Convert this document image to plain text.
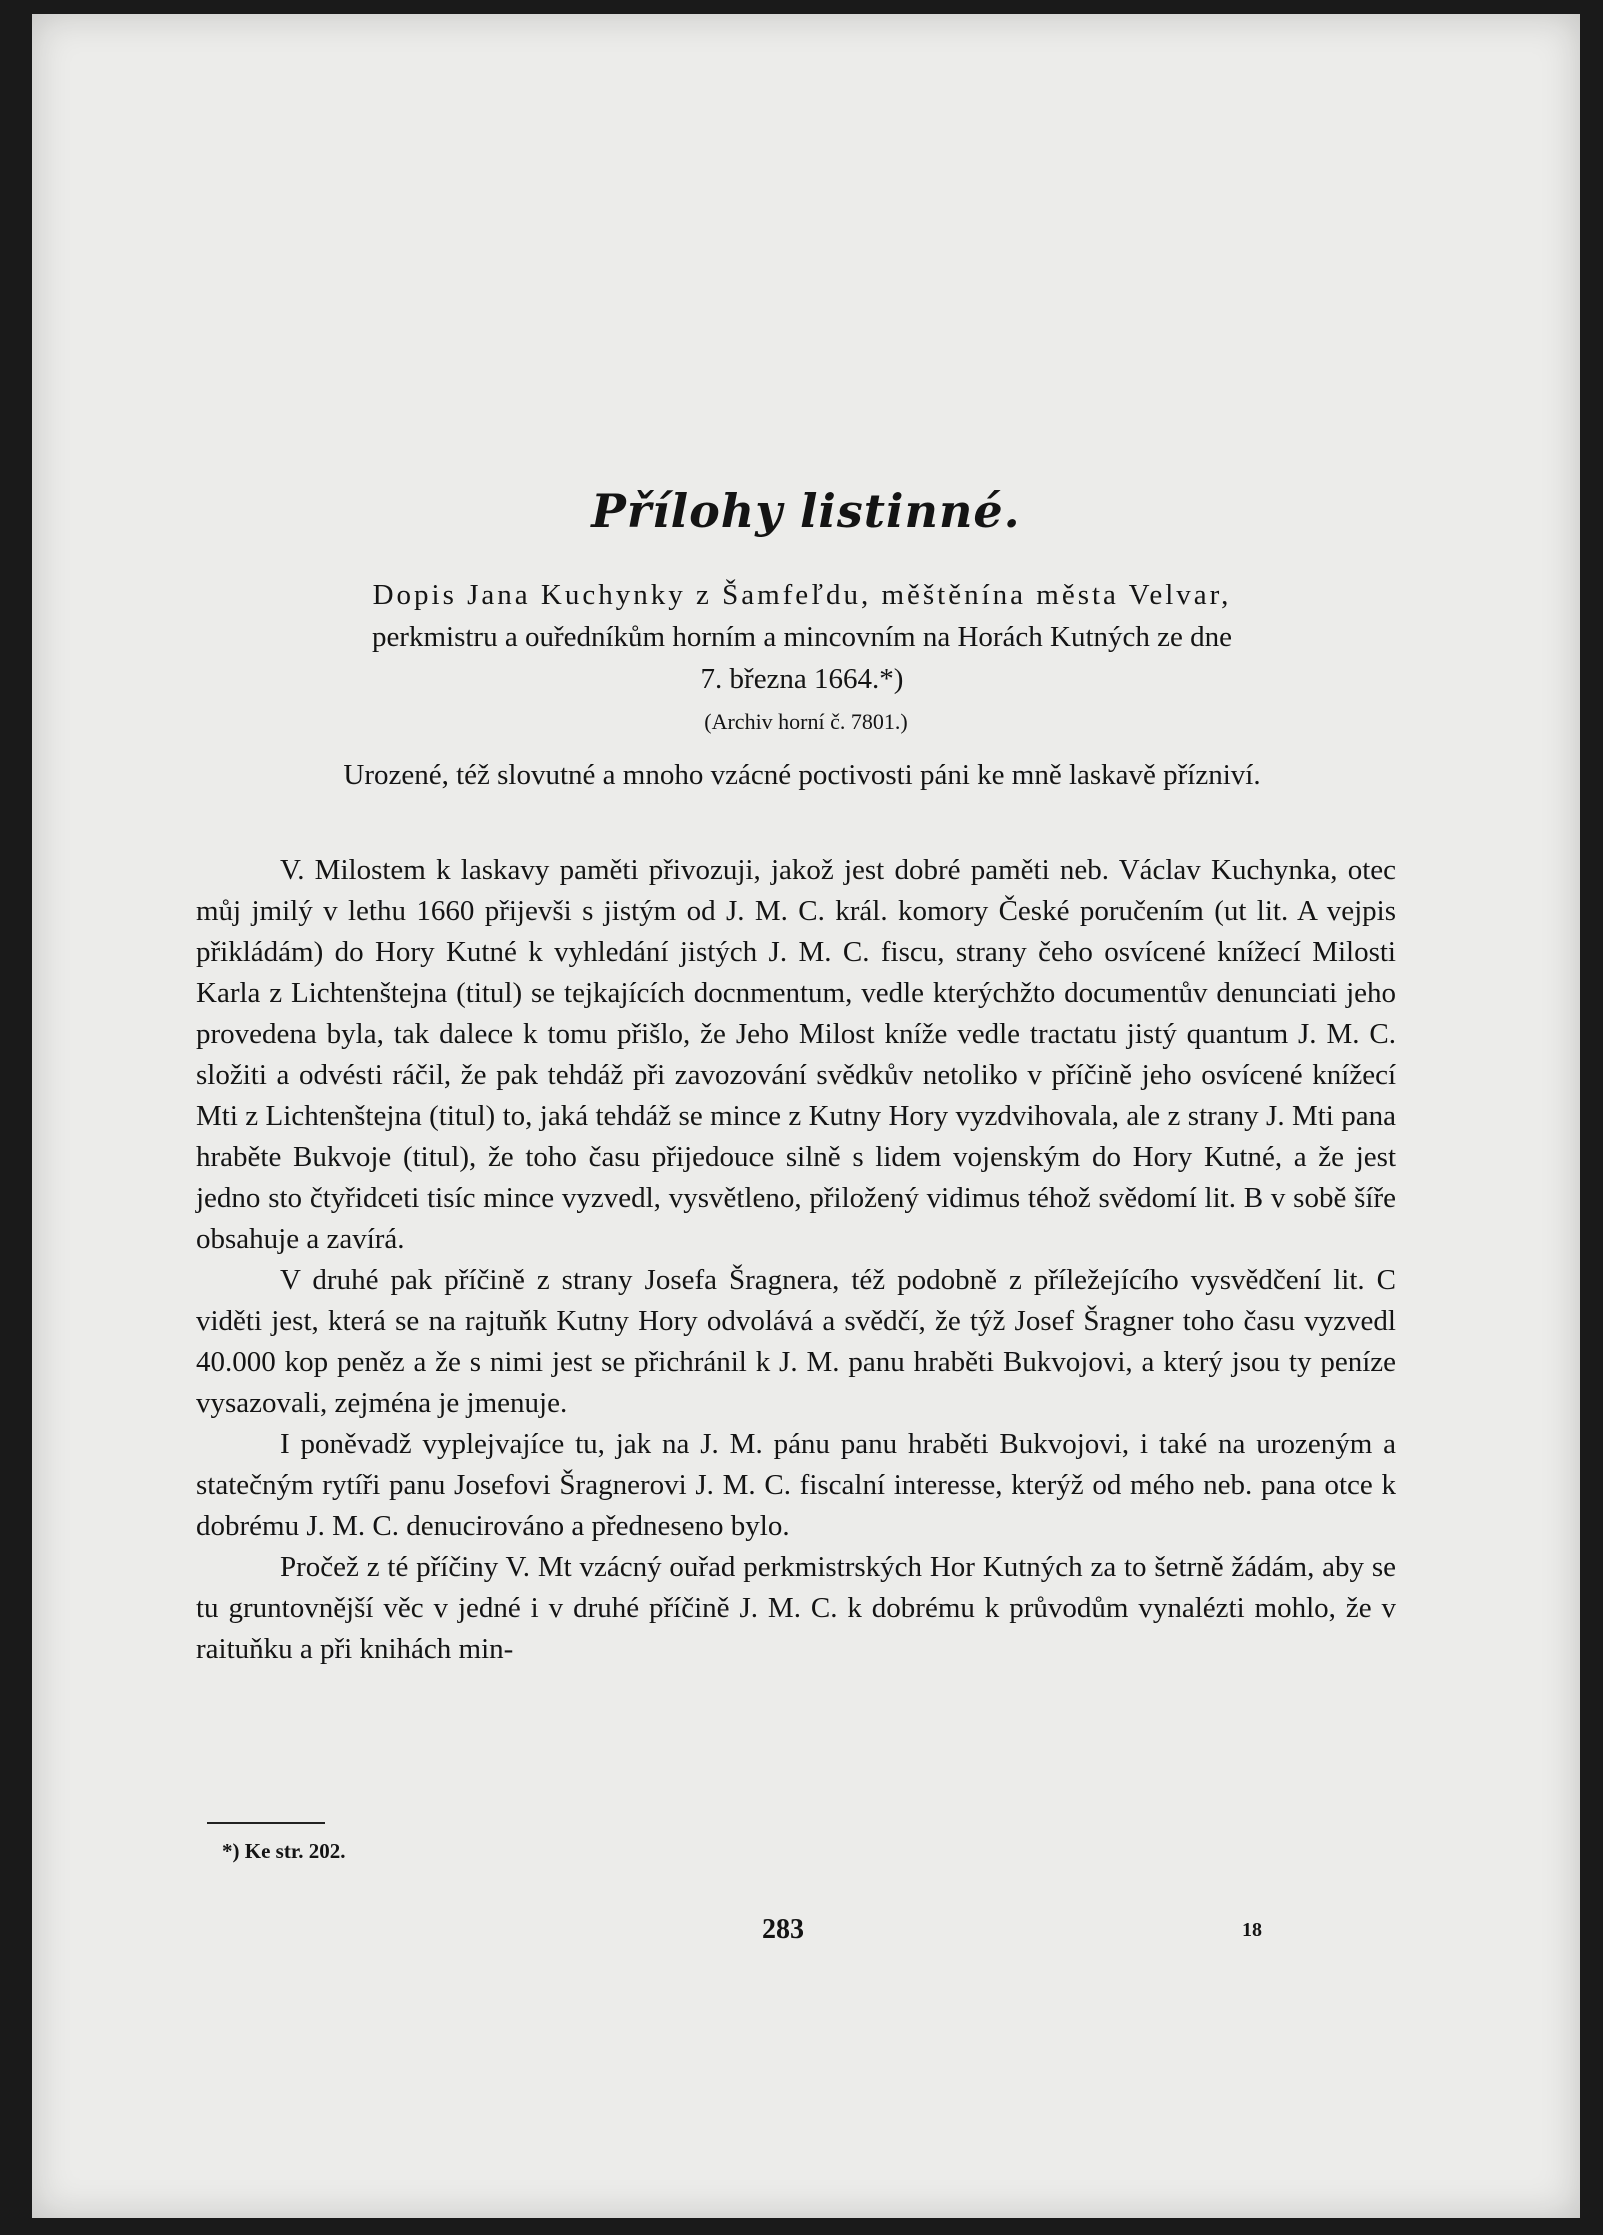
Přílohy listinné.
Dopis Jana Kuchynky z Šamfeľdu, měštěnína města Velvar,
perkmistru a ouředníkům horním a mincovním na Horách Kutných ze dne
7. března 1664.*)
(Archiv horní č. 7801.)
Urozené, též slovutné a mnoho vzácné poctivosti páni ke mně laskavě přízniví.

V. Milostem k laskavy paměti přivozuji, jakož jest dobré paměti neb. Václav Kuchynka, otec můj jmilý v lethu 1660 přijevši s jistým od J. M. C. král. komory České poručením (ut lit. A vejpis přikládám) do Hory Kutné k vyhledání jistých J. M. C. fiscu, strany čeho osvícené knížecí Milosti Karla z Lichtenštejna (titul) se tejkajících docnmentum, vedle kterýchžto documentův denunciati jeho provedena byla, tak dalece k tomu přišlo, že Jeho Milost kníže vedle tractatu jistý quantum J. M. C. složiti a odvésti ráčil, že pak tehdáž při zavozování svědkův netoliko v příčině jeho osvícené knížecí Mti z Lichtenštejna (titul) to, jaká tehdáž se mince z Kutny Hory vyzdvihovala, ale z strany J. Mti pana hraběte Bukvoje (titul), že toho času přijedouce silně s lidem vojenským do Hory Kutné, a že jest jedno sto čtyřidceti tisíc mince vyzvedl, vysvětleno, přiložený vidimus téhož svědomí lit. B v sobě šíře obsahuje a zavírá.

V druhé pak příčině z strany Josefa Šragnera, též podobně z příležejícího vysvědčení lit. C viděti jest, která se na rajtuňk Kutny Hory odvolává a svědčí, že týž Josef Šragner toho času vyzvedl 40.000 kop peněz a že s nimi jest se přichránil k J. M. panu hraběti Bukvojovi, a který jsou ty peníze vysazovali, zejména je jmenuje.

I poněvadž vyplejvajíce tu, jak na J. M. pánu panu hraběti Bukvojovi, i také na urozeným a statečným rytíři panu Josefovi Šragnerovi J. M. C. fiscalní interesse, kterýž od mého neb. pana otce k dobrému J. M. C. denucirováno a předneseno bylo.

Pročež z té příčiny V. Mt vzácný ouřad perkmistrských Hor Kutných za to šetrně žádám, aby se tu gruntovnější věc v jedné i v druhé příčině J. M. C. k dobrému k průvodům vynalézti mohlo, že v raituňku a při knihách min-

*) Ke str. 202.
283	18
